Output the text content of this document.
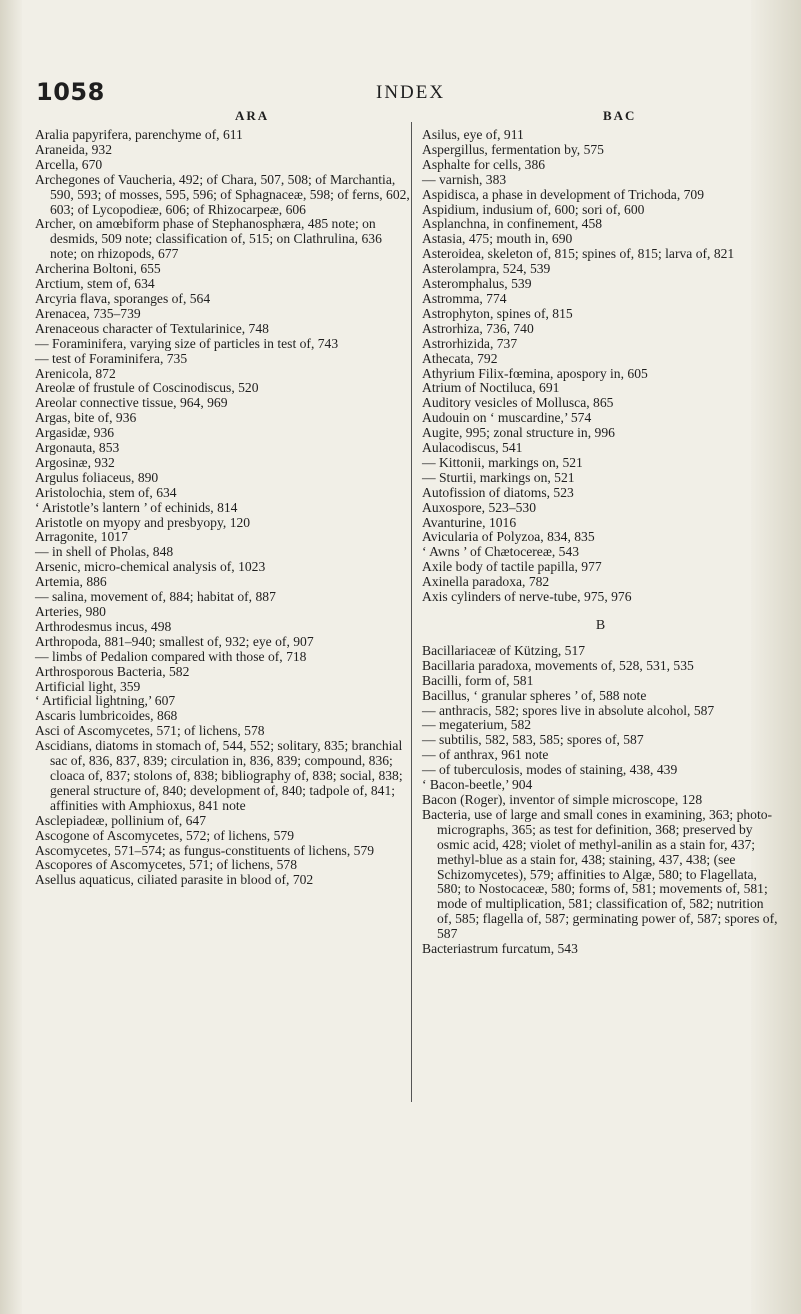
1058	INDEX
ARA	BAC

Aralia papyrifera, parenchyme of, 611

Araneida, 932

Arcella, 670

Archegones of Vaucheria, 492; of Chara, 507, 508; of Marchantia, 590, 593; of mosses, 595, 596; of Sphagnaceæ, 598; of ferns, 602, 603; of Lycopodieæ, 606; of Rhizocarpeæ, 606

Archer, on amœbiform phase of Stephanosphæra, 485 note; on desmids, 509 note; classification of, 515; on Clathrulina, 636 note; on rhizopods, 677

Archerina Boltoni, 655

Arctium, stem of, 634

Arcyria flava, sporanges of, 564

Arenacea, 735–739

Arenaceous character of Textularinice, 748

— Foraminifera, varying size of particles in test of, 743

— test of Foraminifera, 735

Arenicola, 872

Areolæ of frustule of Coscinodiscus, 520

Areolar connective tissue, 964, 969

Argas, bite of, 936

Argasidæ, 936

Argonauta, 853

Argosinæ, 932

Argulus foliaceus, 890

Aristolochia, stem of, 634

‘ Aristotle’s lantern ’ of echinids, 814

Aristotle on myopy and presbyopy, 120

Arragonite, 1017

— in shell of Pholas, 848

Arsenic, micro-chemical analysis of, 1023

Artemia, 886

— salina, movement of, 884; habitat of, 887

Arteries, 980

Arthrodesmus incus, 498

Arthropoda, 881–940; smallest of, 932; eye of, 907

— limbs of Pedalion compared with those of, 718

Arthrosporous Bacteria, 582

Artificial light, 359

‘ Artificial lightning,’ 607

Ascaris lumbricoides, 868

Asci of Ascomycetes, 571; of lichens, 578

Ascidians, diatoms in stomach of, 544, 552; solitary, 835; branchial sac of, 836, 837, 839; circulation in, 836, 839; compound, 836; cloaca of, 837; stolons of, 838; bibliography of, 838; social, 838; general structure of, 840; development of, 840; tadpole of, 841; affinities with Amphioxus, 841 note

Asclepiadeæ, pollinium of, 647

Ascogone of Ascomycetes, 572; of lichens, 579

Ascomycetes, 571–574; as fungus-constituents of lichens, 579

Ascopores of Ascomycetes, 571; of lichens, 578

Asellus aquaticus, ciliated parasite in blood of, 702

Asilus, eye of, 911

Aspergillus, fermentation by, 575

Asphalte for cells, 386

— varnish, 383

Aspidisca, a phase in development of Trichoda, 709

Aspidium, indusium of, 600; sori of, 600

Asplanchna, in confinement, 458

Astasia, 475; mouth in, 690

Asteroidea, skeleton of, 815; spines of, 815; larva of, 821

Asterolampra, 524, 539

Asteromphalus, 539

Astromma, 774

Astrophyton, spines of, 815

Astrorhiza, 736, 740

Astrorhizida, 737

Athecata, 792

Athyrium Filix-fœmina, apospory in, 605

Atrium of Noctiluca, 691

Auditory vesicles of Mollusca, 865

Audouin on ‘ muscardine,’ 574

Augite, 995; zonal structure in, 996

Aulacodiscus, 541

— Kittonii, markings on, 521

— Sturtii, markings on, 521

Autofission of diatoms, 523

Auxospore, 523–530

Avanturine, 1016

Avicularia of Polyzoa, 834, 835

‘ Awns ’ of Chætocereæ, 543

Axile body of tactile papilla, 977

Axinella paradoxa, 782

Axis cylinders of nerve-tube, 975, 976

B

Bacillariaceæ of Kützing, 517

Bacillaria paradoxa, movements of, 528, 531, 535

Bacilli, form of, 581

Bacillus, ‘ granular spheres ’ of, 588 note

— anthracis, 582; spores live in absolute alcohol, 587

— megaterium, 582

— subtilis, 582, 583, 585; spores of, 587

— of anthrax, 961 note

— of tuberculosis, modes of staining, 438, 439

‘ Bacon-beetle,’ 904

Bacon (Roger), inventor of simple microscope, 128

Bacteria, use of large and small cones in examining, 363; photo-micrographs, 365; as test for definition, 368; preserved by osmic acid, 428; violet of methyl-anilin as a stain for, 437; methyl-blue as a stain for, 438; staining, 437, 438; (see Schizomycetes), 579; affinities to Algæ, 580; to Flagellata, 580; to Nostocaceæ, 580; forms of, 581; movements of, 581; mode of multiplication, 581; classification of, 582; nutrition of, 585; flagella of, 587; germinating power of, 587; spores of, 587

Bacteriastrum furcatum, 543
